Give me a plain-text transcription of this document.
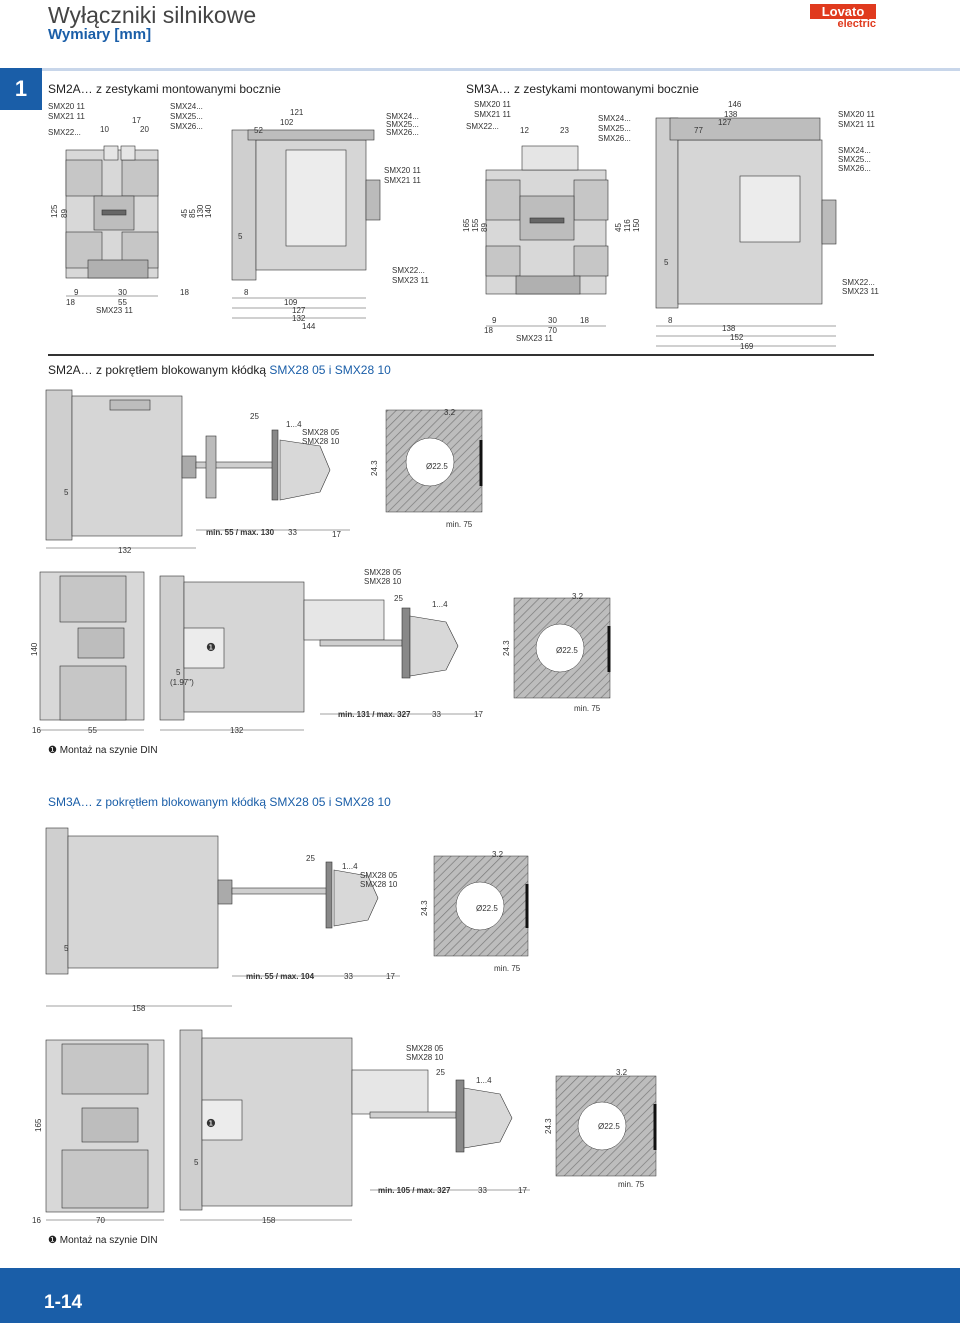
Wyłączniki silnikowe
Wymiary [mm]
Lovato
electric
1	SM2A… z zestykami montowanymi bocznie	SM3A… z zestykami montowanymi bocznie
SM2A… z pokrętłem blokowanym kłódką SMX28 05 i SMX28 10
SM3A… z pokrętłem blokowanym kłódką SMX28 05 i SMX28 10
SMX20 11
SMX21 11
SMX22... 10
17
20
SMX24...
SMX25...
SMX26...	52
102
121	SMX24...
SMX25...
SMX26...
SMX20 11
SMX21 11
125 89	45 85 130 140
5
9
18
30
55
SMX23 11
18	8
SMX22...
SMX23 11
109
127
132
144
SMX20 11
SMX21 11
SMX22...	12	23
SMX24...
SMX25...
SMX26...
146
138
127
77
SMX20 11
SMX21 11
SMX24...
SMX25...
SMX26...
165 155 89	45 116 150
5
9
18
30
70
SMX23 11
18	8
138
152
169
SMX22...
SMX23 11
25
1...4
SMX28 05
SMX28 10
3.2
24.3	Ø22.5
5
min. 55 / max. 130 33	17
min. 75
132
SMX28 05
SMX28 10
25
1...4
3.2
24.3	Ø22.5
140	❶
5
(1.97")
min. 131 / max. 327	33	17
min. 75
16	55	132
❶ Montaż na szynie DIN
25
1...4
SMX28 05
SMX28 10
3.2
24.3	Ø22.5
5
min. 55 / max. 104	33	17
min. 75
158
SMX28 05
SMX28 10
25
1...4
3.2
24.3	Ø22.5
165	❶
5
min. 105 / max. 327	33	17
min. 75
16	70	158
❶ Montaż na szynie DIN
1-14
